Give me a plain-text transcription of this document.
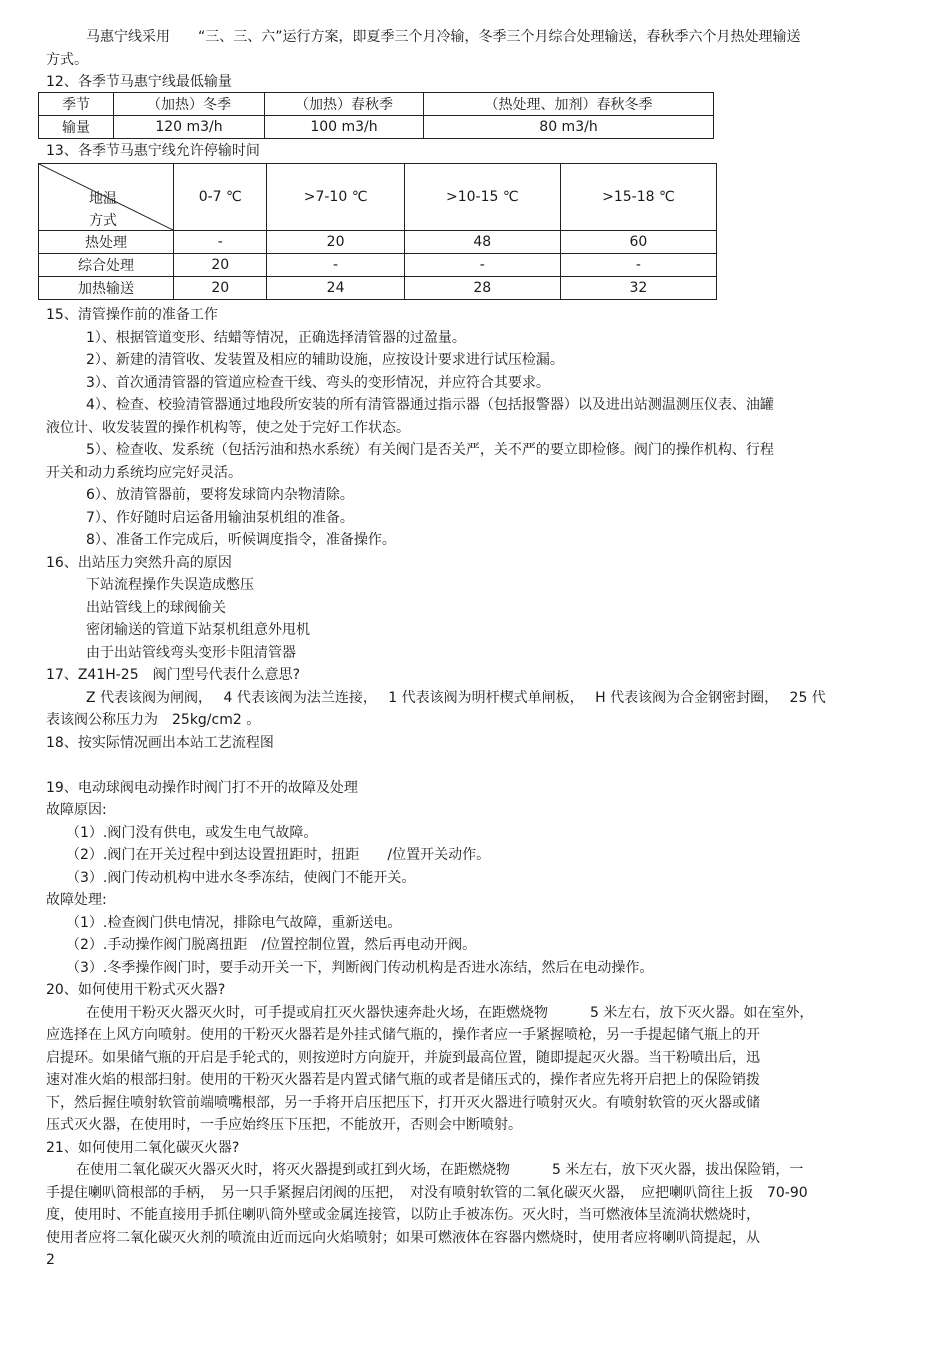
马惠宁线采用　　“三、三、六”运行方案，即夏季三个月冷输，冬季三个月综合处理输送，春秋季六个月热处理输送
方式。
12、各季节马惠宁线最低输量
季节	（加热）冬季	（加热）春秋季	（热处理、加剂）春秋冬季
输量	120 m3/h	100 m3/h	80 m3/h
13、各季节马惠宁线允许停输时间
地温
方式	0-7 ℃	>7-10 ℃	>10-15 ℃	>15-18 ℃
热处理	-	20	48	60
综合处理	20	-	-	-
加热输送	20	24	28	32
15、清管操作前的准备工作
1）、根据管道变形、结蜡等情况，正确选择清管器的过盈量。
2）、新建的清管收、发装置及相应的辅助设施，应按设计要求进行试压检漏。
3）、首次通清管器的管道应检查干线、弯头的变形情况，并应符合其要求。
4）、检查、校验清管器通过地段所安装的所有清管器通过指示器（包括报警器）以及进出站测温测压仪表、油罐
液位计、收发装置的操作机构等，使之处于完好工作状态。
5）、检查收、发系统（包括污油和热水系统）有关阀门是否关严，关不严的要立即检修。阀门的操作机构、行程
开关和动力系统均应完好灵活。
6）、放清管器前，要将发球筒内杂物清除。
7）、作好随时启运备用输油泵机组的准备。
8）、准备工作完成后，听候调度指令，准备操作。
16、出站压力突然升高的原因
下站流程操作失误造成憋压
出站管线上的球阀偷关
密闭输送的管道下站泵机组意外甩机
由于出站管线弯头变形卡阻清管器
17、Z41H-25　阀门型号代表什么意思?
Z 代表该阀为闸阀，　 4 代表该阀为法兰连接，　 1 代表该阀为明杆楔式单闸板，　 H 代表该阀为合金钢密封圈，　 25 代
表该阀公称压力为　25kg/cm2 。
18、按实际情况画出本站工艺流程图
19、电动球阀电动操作时阀门打不开的故障及处理
故障原因:
（1）.阀门没有供电，或发生电气故障。
（2）.阀门在开关过程中到达设置扭距时，扭距　　/位置开关动作。
（3）.阀门传动机构中进水冬季冻结，使阀门不能开关。
故障处理:
（1）.检查阀门供电情况，排除电气故障，重新送电。
（2）.手动操作阀门脱离扭距　/位置控制位置，然后再电动开阀。
（3）.冬季操作阀门时，要手动开关一下，判断阀门传动机构是否进水冻结，然后在电动操作。
20、如何使用干粉式灭火器?
在使用干粉灭火器灭火时，可手提或肩扛灭火器快速奔赴火场，在距燃烧物　　　5 米左右，放下灭火器。如在室外，
应选择在上风方向喷射。使用的干粉灭火器若是外挂式储气瓶的，操作者应一手紧握喷枪，另一手提起储气瓶上的开
启提环。如果储气瓶的开启是手轮式的，则按逆时方向旋开，并旋到最高位置，随即提起灭火器。当干粉喷出后，迅
速对准火焰的根部扫射。使用的干粉灭火器若是内置式储气瓶的或者是储压式的，操作者应先将开启把上的保险销拨
下，然后握住喷射软管前端喷嘴根部，另一手将开启压把压下，打开灭火器进行喷射灭火。有喷射软管的灭火器或储
压式灭火器，在使用时，一手应始终压下压把，不能放开，否则会中断喷射。
21、如何使用二氧化碳灭火器?
在使用二氧化碳灭火器灭火时，将灭火器提到或扛到火场，在距燃烧物　　　5 米左右，放下灭火器，拔出保险销，一
手提住喇叭筒根部的手柄，　另一只手紧握启闭阀的压把，　对没有喷射软管的二氧化碳灭火器，　应把喇叭筒往上扳　70-90
度，使用时、不能直接用手抓住喇叭筒外壁或金属连接管，以防止手被冻伤。灭火时，当可燃液体呈流淌状燃烧时，
使用者应将二氧化碳灭火剂的喷流由近而远向火焰喷射；如果可燃液体在容器内燃烧时，使用者应将喇叭筒提起，从
2
